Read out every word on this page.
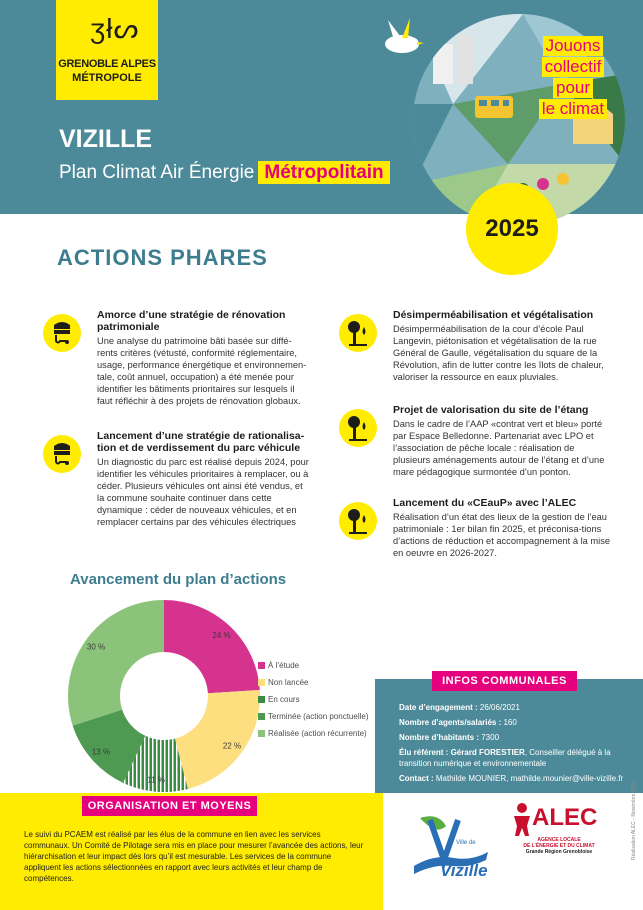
ʒłᔕ
GRENOBLE ALPES
MÉTROPOLE
VIZILLE
Plan Climat Air Énergie Métropolitain
Jouons
collectif
pour
le climat
2025
ACTIONS PHARES
Amorce d’une stratégie de rénovation patrimoniale
Une analyse du patrimoine bâti basée sur diffé-rents critères (vétusté, conformité réglementaire, usage, performance énergétique et environnemen-tale, coût annuel, occupation) a été menée pour identifier les bâtiments prioritaires sur lesquels il faut réfléchir à des projets de rénovation globaux.
Lancement d’une stratégie de rationalisa-tion et de verdissement du parc véhicule
Un diagnostic du parc est réalisé depuis 2024, pour identifier les véhicules prioritaires à remplacer, ou à céder. Plusieurs véhicules ont ainsi été vendus, et la commune souhaite continuer dans cette dynamique : céder de nouveaux véhicules, et en remplacer certains par des véhicules électriques
Désimperméabilisation et végétalisation
Désimperméabilisation de la cour d’école Paul Langevin, piétonisation et végétalisation de la rue Général de Gaulle, végétalisation du square de la Révolution, afin de lutter contre les îlots de chaleur, valoriser la ressource en eaux pluviales.
Projet de valorisation du site de l’étang
Dans le cadre de l’AAP «contrat vert et bleu» porté par Espace Belledonne. Partenariat avec LPO et l’association de pêche locale : réalisation de plusieurs aménagements autour de l’étang et d’une mare pédagogique surmontée d’un ponton.
Lancement du «CEauP» avec l’ALEC
Réalisation d’un état des lieux de la gestion de l’eau patrimoniale : 1er bilan fin 2025, et préconisa-tions d’actions de réduction et accompagnement à la mise en oeuvre en 2026-2027.
Avancement du plan d’actions
24 %
22 %
11 %
13 %
30 %
À l’étude
Non lancée
En cours
Terminée (action ponctuelle)
Réalisée (action récurrente)
Date d’engagement : 26/06/2021
Nombre d’agents/salariés : 160
Nombre d’habitants : 7300
Élu référent : Gérard FORESTIER, Conseiller délégué à la
transition numérique et environnementale
Contact : Mathilde MOUNIER, mathilde.mounier@ville-vizille.fr
INFOS COMMUNALES
ORGANISATION ET MOYENS
Le suivi du PCAEM est réalisé par les élus de la commune en lien avec les services communaux. Un Comité de Pilotage sera mis en place pour mesurer l’avancée des actions, leur hiérarchisation et leur impact dès lors qu’il est mesurable. Les services de la commune appliquent les actions sélectionnées en rapport avec leurs activités et leur champ de compétences.
Ville de
Vizille
ALEC
AGENCE LOCALE
DE L’ÉNERGIE ET DU CLIMAT
Grande Région Grenobloise	Réalisation ALEC - Novembre 2025
